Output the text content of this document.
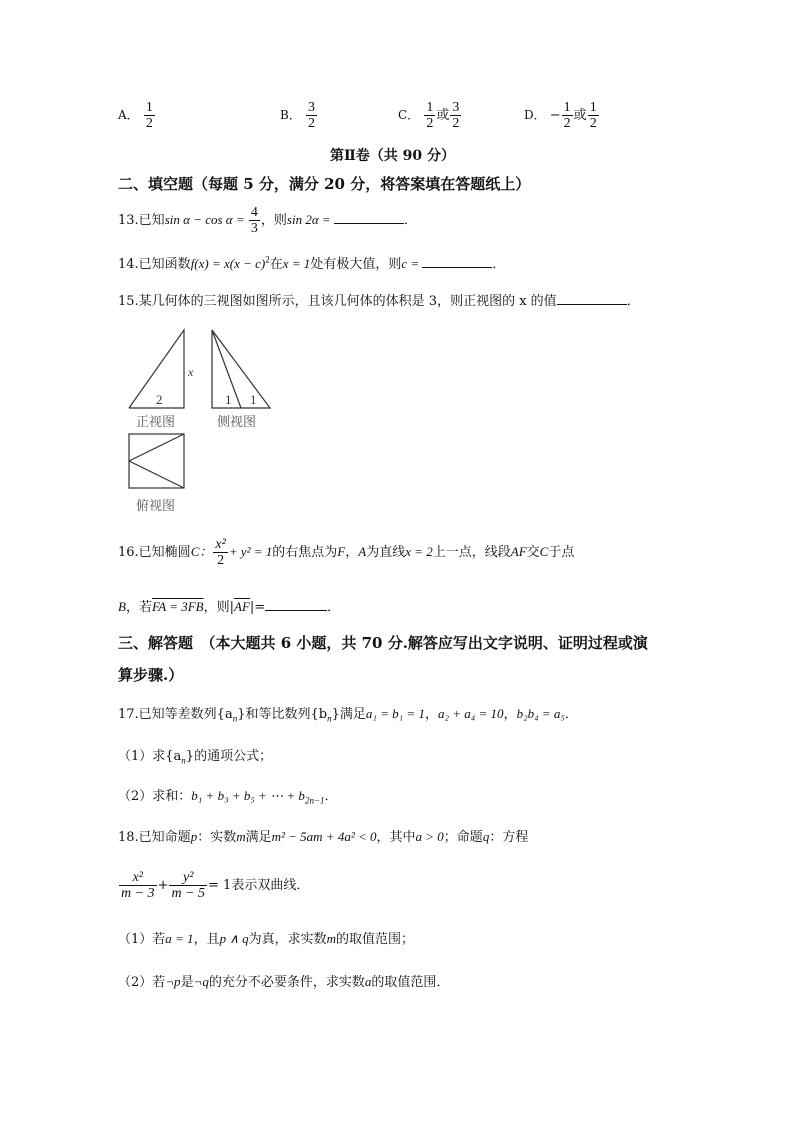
A． $\frac{1}{2}$	B． $\frac{3}{2}$	C． $\frac{1}{2}$ 或 $\frac{3}{2}$	D． − $\frac{1}{2}$ 或 $\frac{1}{2}$
第Ⅱ卷（共 90 分）
二、填空题（每题 5 分，满分 20 分，将答案填在答题纸上）
13.已知$\sin \alpha - \cos \alpha = \frac{4}{3}$ ，则sin 2α =	．
14.已知函数$f(x) = x(x - c)^2$在x = 1处有极大值，则c =	．
15.某几何体的三视图如图所示，且该几何体的体积是 3，则正视图的 x 的值	．
2
x
正视图
1 1
侧视图
俯视图
16.已知椭圆C： $\frac{\text{x²}}{2} + y^2 = 1$的右焦点为F，A为直线x = 2上一点，线段AF交C于点
B，若FA = 3FB，则$|\overline{AF}|=$	．
三、解答题　（本大题共 6 小题，共 70 分.解答应写出文字说明、证明过程或演
算步骤.）
17.已知等差数列$\{a_n\}$和等比数列$\{b_n\}$满足a₁ = b₁ = 1，a₂ + a₄ = 10，b₂b₄ = a₅．
（1）求$\{a_n\}$的通项公式；
（2）求和：b₁ + b₃ + b₅ + ⋯ + $b_{2n-1}$．
18.已知命题p：实数m满足m² − 5am + 4a² < 0，其中a > 0；命题q：方程
$\frac{\text{x²}}{m - 3} + \frac{\text{y²}}{m - 5} = 1$表示双曲线．
（1）若a = 1，且p ∧ q为真，求实数m的取值范围；
（2）若¬p是¬q的充分不必要条件，求实数a的取值范围．
